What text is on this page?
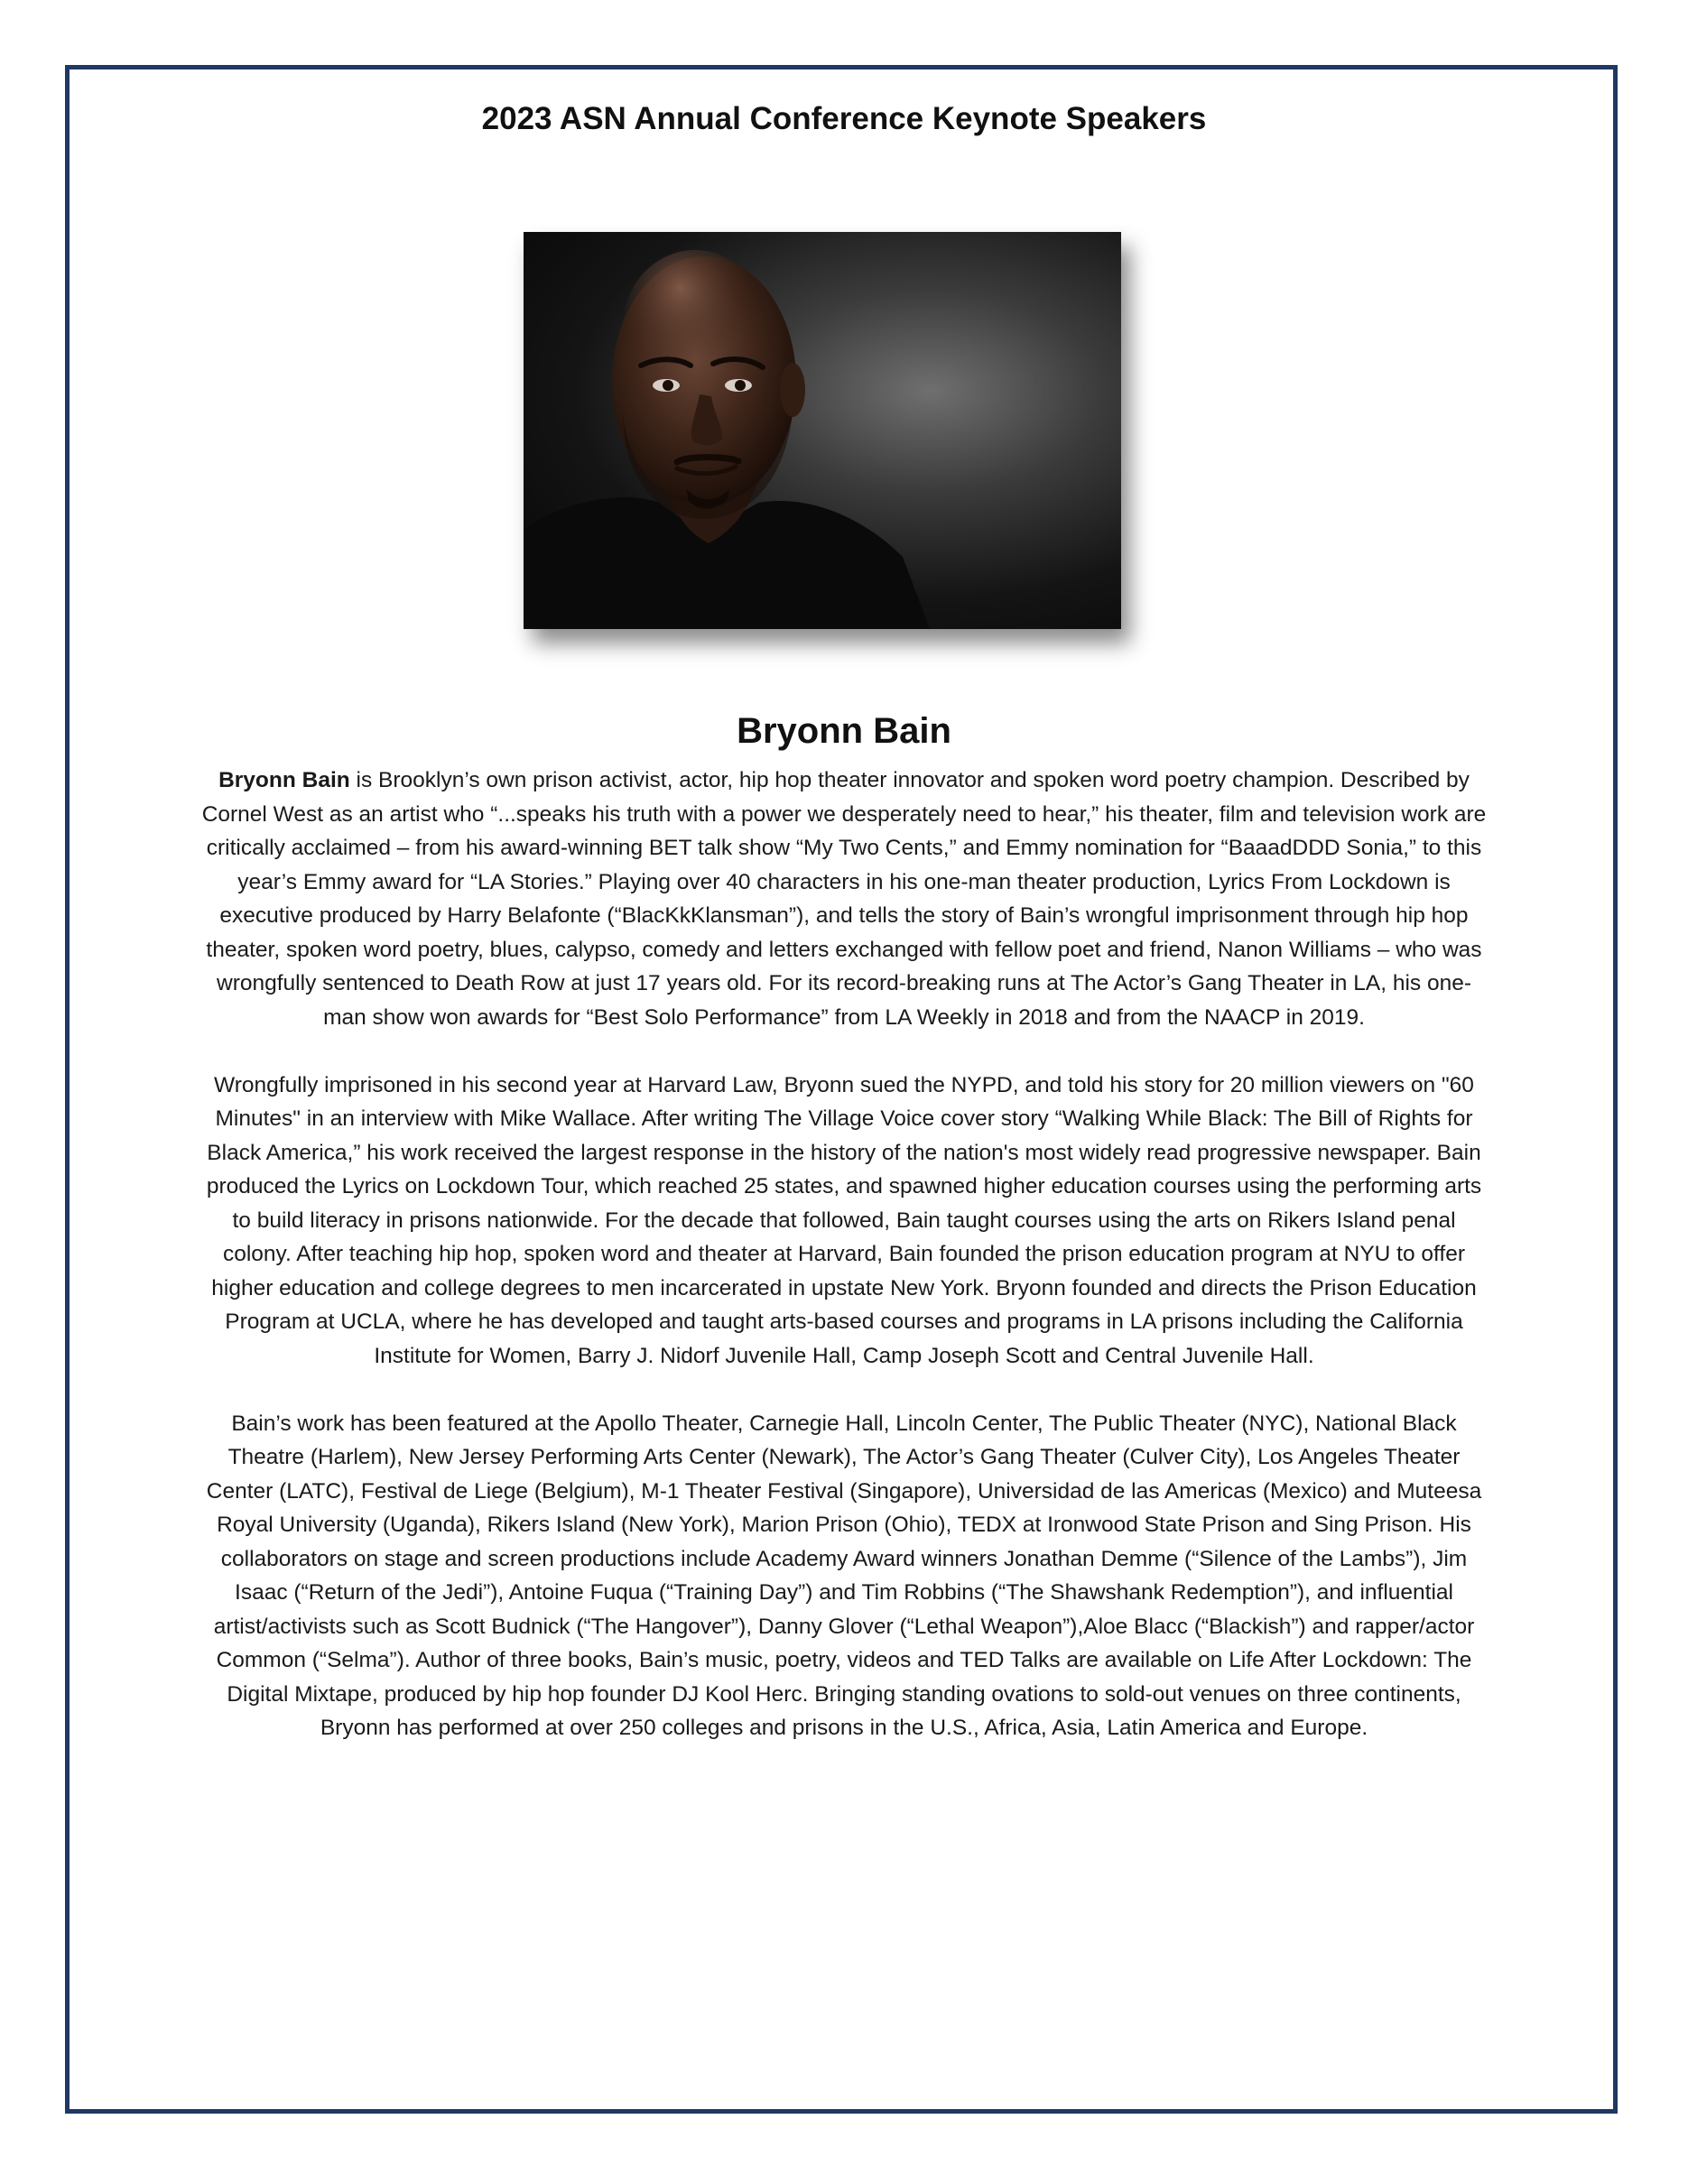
2023 ASN Annual Conference Keynote Speakers
Bryonn Bain

Bryonn Bain is Brooklyn’s own prison activist, actor, hip hop theater innovator and spoken word poetry champion. Described by Cornel West as an artist who “...speaks his truth with a power we desperately need to hear,” his theater, film and television work are critically acclaimed – from his award-winning BET talk show “My Two Cents,” and Emmy nomination for “BaaadDDD Sonia,” to this year’s Emmy award for “LA Stories.” Playing over 40 characters in his one-man theater production, Lyrics From Lockdown is executive produced by Harry Belafonte (“BlacKkKlansman”), and tells the story of Bain’s wrongful imprisonment through hip hop theater, spoken word poetry, blues, calypso, comedy and letters exchanged with fellow poet and friend, Nanon Williams – who was wrongfully sentenced to Death Row at just 17 years old. For its record-breaking runs at The Actor’s Gang Theater in LA, his one-man show won awards for “Best Solo Performance” from LA Weekly in 2018 and from the NAACP in 2019.

Wrongfully imprisoned in his second year at Harvard Law, Bryonn sued the NYPD, and told his story for 20 million viewers on "60 Minutes" in an interview with Mike Wallace. After writing The Village Voice cover story “Walking While Black: The Bill of Rights for Black America,” his work received the largest response in the history of the nation's most widely read progressive newspaper. Bain produced the Lyrics on Lockdown Tour, which reached 25 states, and spawned higher education courses using the performing arts to build literacy in prisons nationwide. For the decade that followed, Bain taught courses using the arts on Rikers Island penal colony. After teaching hip hop, spoken word and theater at Harvard, Bain founded the prison education program at NYU to offer higher education and college degrees to men incarcerated in upstate New York. Bryonn founded and directs the Prison Education Program at UCLA, where he has developed and taught arts-based courses and programs in LA prisons including the California Institute for Women, Barry J. Nidorf Juvenile Hall, Camp Joseph Scott and Central Juvenile Hall.

Bain’s work has been featured at the Apollo Theater, Carnegie Hall, Lincoln Center, The Public Theater (NYC), National Black Theatre (Harlem), New Jersey Performing Arts Center (Newark), The Actor’s Gang Theater (Culver City), Los Angeles Theater Center (LATC), Festival de Liege (Belgium), M-1 Theater Festival (Singapore), Universidad de las Americas (Mexico) and Muteesa Royal University (Uganda), Rikers Island (New York), Marion Prison (Ohio), TEDX at Ironwood State Prison and Sing Prison. His collaborators on stage and screen productions include Academy Award winners Jonathan Demme (“Silence of the Lambs”), Jim Isaac (“Return of the Jedi”), Antoine Fuqua (“Training Day”) and Tim Robbins (“The Shawshank Redemption”), and influential artist/activists such as Scott Budnick (“The Hangover”), Danny Glover (“Lethal Weapon”),Aloe Blacc (“Blackish”) and rapper/actor Common (“Selma”). Author of three books, Bain’s music, poetry, videos and TED Talks are available on Life After Lockdown: The Digital Mixtape, produced by hip hop founder DJ Kool Herc. Bringing standing ovations to sold-out venues on three continents, Bryonn has performed at over 250 colleges and prisons in the U.S., Africa, Asia, Latin America and Europe.
